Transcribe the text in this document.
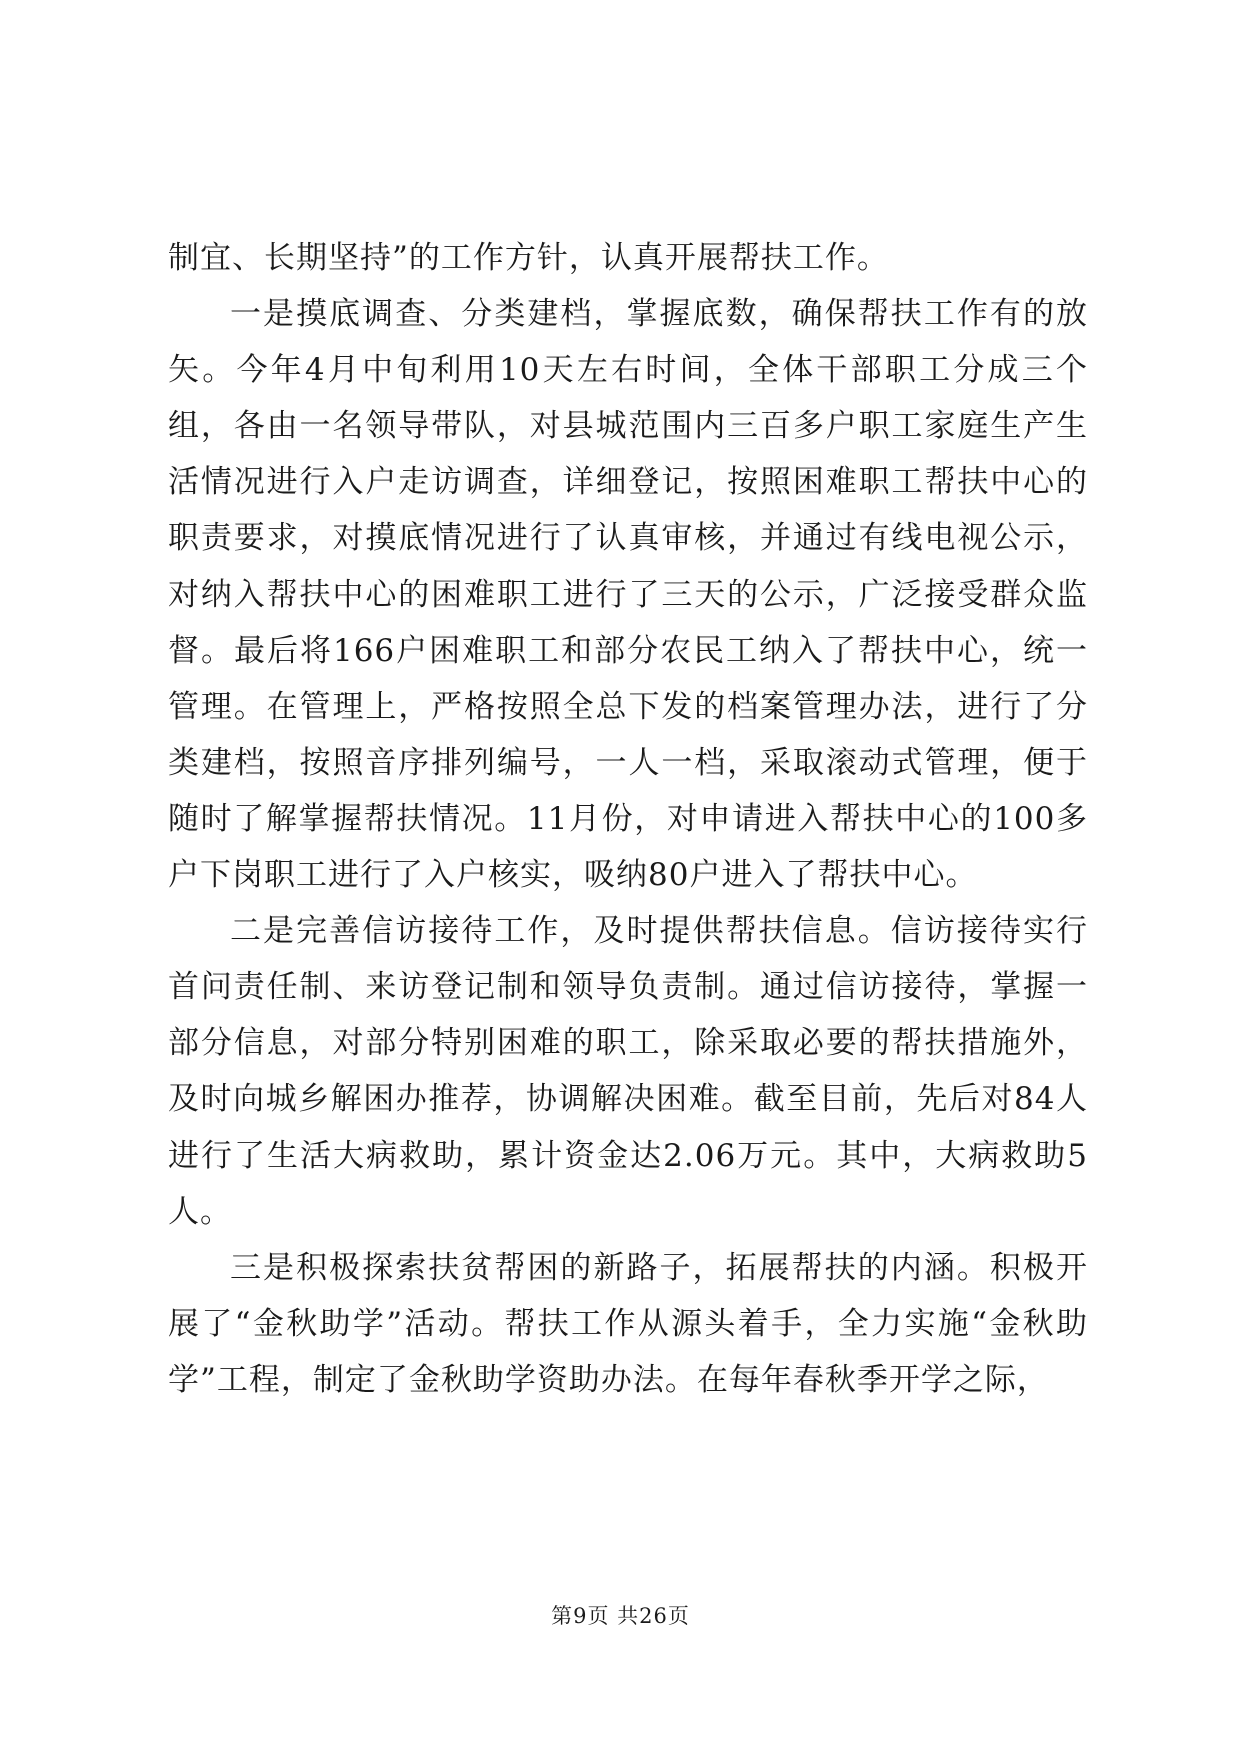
制宜、长期坚持”的工作方针，认真开展帮扶工作。

一是摸底调查、分类建档，掌握底数，确保帮扶工作有的放矢。今年4月中旬利用10天左右时间，全体干部职工分成三个组，各由一名领导带队，对县城范围内三百多户职工家庭生产生活情况进行入户走访调查，详细登记，按照困难职工帮扶中心的职责要求，对摸底情况进行了认真审核，并通过有线电视公示，对纳入帮扶中心的困难职工进行了三天的公示，广泛接受群众监督。最后将166户困难职工和部分农民工纳入了帮扶中心，统一管理。在管理上，严格按照全总下发的档案管理办法，进行了分类建档，按照音序排列编号，一人一档，采取滚动式管理，便于随时了解掌握帮扶情况。11月份，对申请进入帮扶中心的100多户下岗职工进行了入户核实，吸纳80户进入了帮扶中心。

二是完善信访接待工作，及时提供帮扶信息。信访接待实行首问责任制、来访登记制和领导负责制。通过信访接待，掌握一部分信息，对部分特别困难的职工，除采取必要的帮扶措施外，及时向城乡解困办推荐，协调解决困难。截至目前，先后对84人进行了生活大病救助，累计资金达2.06万元。其中，大病救助5人。

三是积极探索扶贫帮困的新路子，拓展帮扶的内涵。积极开展了“金秋助学”活动。帮扶工作从源头着手，全力实施“金秋助学”工程，制定了金秋助学资助办法。在每年春秋季开学之际，

第9页 共26页
